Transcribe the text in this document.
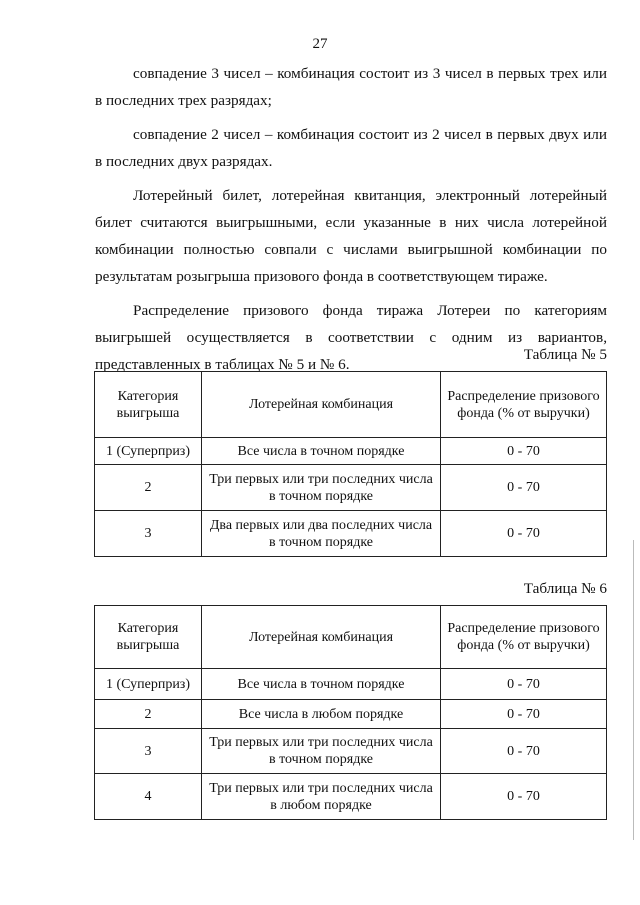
27

совпадение 3 чисел – комбинация состоит из 3 чисел в первых трех или в последних трех разрядах;

совпадение 2 чисел – комбинация состоит из 2 чисел в первых двух или в последних двух разрядах.

Лотерейный билет, лотерейная квитанция, электронный лотерейный билет считаются выигрышными, если указанные в них числа лотерейной комбинации полностью совпали с числами выигрышной комбинации по результатам розыгрыша призового фонда в соответствующем тираже.

Распределение призового фонда тиража Лотереи по категориям выигрышей осуществляется в соответствии с одним из вариантов, представленных в таблицах № 5 и № 6.

Таблица № 5
Категория выигрыша	Лотерейная комбинация	Распределение призового фонда (% от выручки)
1 (Суперприз)	Все числа в точном порядке	0 - 70
2	Три первых или три последних числа в точном порядке	0 - 70
3	Два первых или два последних числа в точном порядке	0 - 70
Таблица № 6
Категория выигрыша	Лотерейная комбинация	Распределение призового фонда (% от выручки)
1 (Суперприз)	Все числа в точном порядке	0 - 70
2	Все числа в любом порядке	0 - 70
3	Три первых или три последних числа в точном порядке	0 - 70
4	Три первых или три последних числа в любом порядке	0 - 70
